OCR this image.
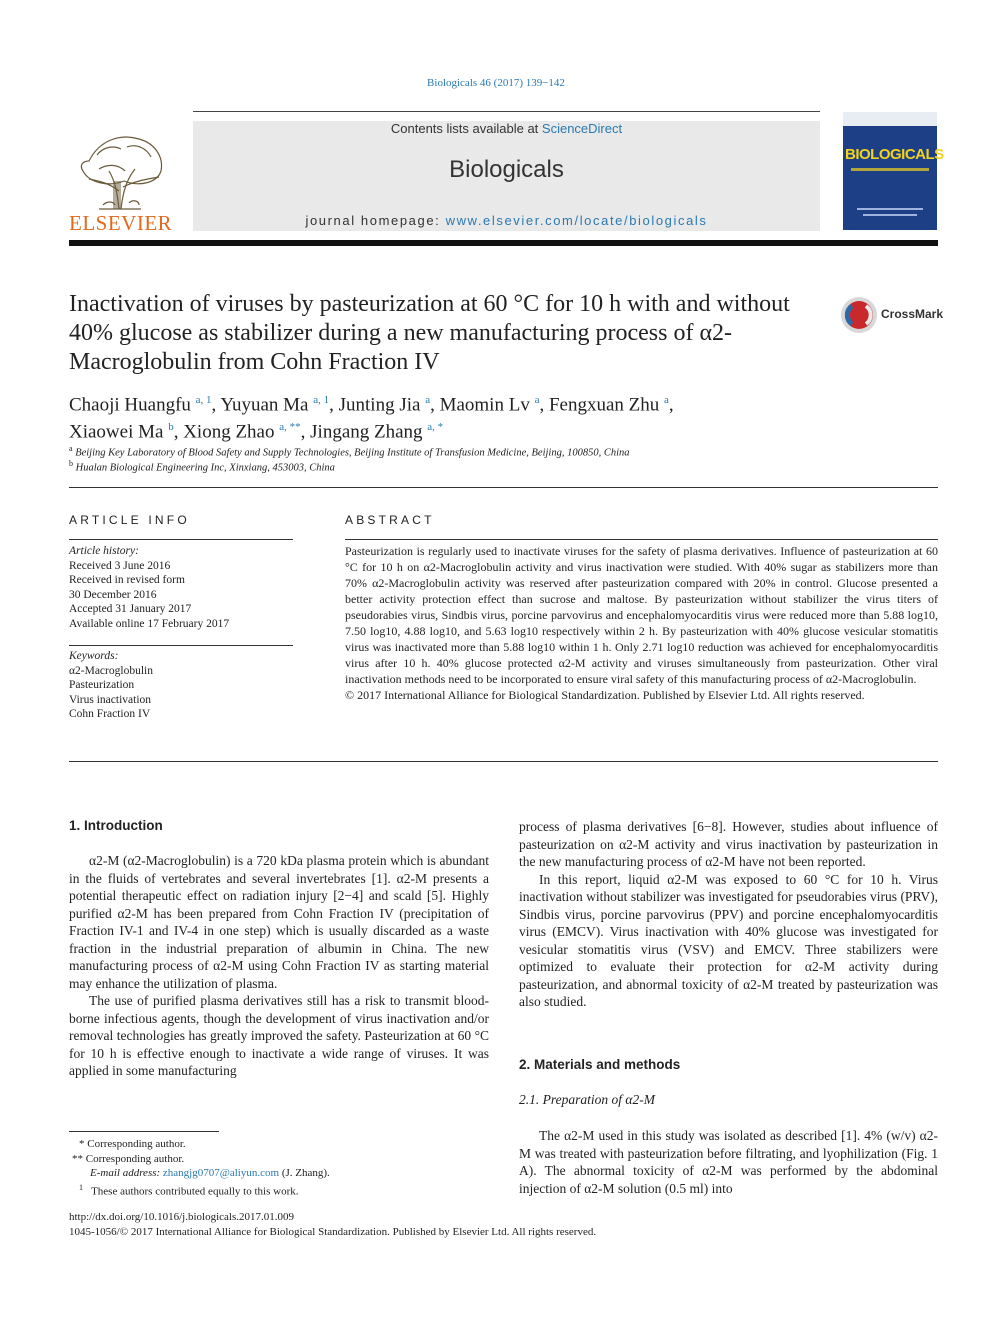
Biologicals 46 (2017) 139−142
ELSEVIER
Contents lists available at ScienceDirect
Biologicals
journal homepage: www.elsevier.com/locate/biologicals
BIOLOGICALS
Inactivation of viruses by pasteurization at 60 °C for 10 h with and without 40% glucose as stabilizer during a new manufacturing process of α2-Macroglobulin from Cohn Fraction IV
CrossMark
Chaoji Huangfu $^{a, 1}$, Yuyuan Ma $^{a, 1}$, Junting Jia $^a$, Maomin Lv $^a$, Fengxuan Zhu $^a$,
Xiaowei Ma $^b$, Xiong Zhao $^{a, **}$, Jingang Zhang $^{a, *}$
$^a$ Beijing Key Laboratory of Blood Safety and Supply Technologies, Beijing Institute of Transfusion Medicine, Beijing, 100850, China
$^b$ Hualan Biological Engineering Inc, Xinxiang, 453003, China
ARTICLE INFO
Article history:
Received 3 June 2016
Received in revised form
30 December 2016
Accepted 31 January 2017
Available online 17 February 2017
Keywords:
α2-Macroglobulin
Pasteurization
Virus inactivation
Cohn Fraction IV
ABSTRACT
Pasteurization is regularly used to inactivate viruses for the safety of plasma derivatives. Influence of pasteurization at 60 °C for 10 h on α2-Macroglobulin activity and virus inactivation were studied. With 40% sugar as stabilizers more than 70% α2-Macroglobulin activity was reserved after pasteurization compared with 20% in control. Glucose presented a better activity protection effect than sucrose and maltose. By pasteurization without stabilizer the virus titers of pseudorabies virus, Sindbis virus, porcine parvovirus and encephalomyocarditis virus were reduced more than 5.88 log10, 7.50 log10, 4.88 log10, and 5.63 log10 respectively within 2 h. By pasteurization with 40% glucose vesicular stomatitis virus was inactivated more than 5.88 log10 within 1 h. Only 2.71 log10 reduction was achieved for encephalomyocarditis virus after 10 h. 40% glucose protected α2-M activity and viruses simultaneously from pasteurization. Other viral inactivation methods need to be incorporated to ensure viral safety of this manufacturing process of α2-Macroglobulin.
© 2017 International Alliance for Biological Standardization. Published by Elsevier Ltd. All rights reserved.
1. Introduction

α2-M (α2-Macroglobulin) is a 720 kDa plasma protein which is abundant in the fluids of vertebrates and several invertebrates [1]. α2-M presents a potential therapeutic effect on radiation injury [2−4] and scald [5]. Highly purified α2-M has been prepared from Cohn Fraction IV (precipitation of Fraction IV-1 and IV-4 in one step) which is usually discarded as a waste fraction in the industrial preparation of albumin in China. The new manufacturing process of α2-M using Cohn Fraction IV as starting material may enhance the utilization of plasma.

The use of purified plasma derivatives still has a risk to transmit blood-borne infectious agents, though the development of virus inactivation and/or removal technologies has greatly improved the safety. Pasteurization at 60 °C for 10 h is effective enough to inactivate a wide range of viruses. It was applied in some manufacturing

process of plasma derivatives [6−8]. However, studies about influence of pasteurization on α2-M activity and virus inactivation by pasteurization in the new manufacturing process of α2-M have not been reported.

In this report, liquid α2-M was exposed to 60 °C for 10 h. Virus inactivation without stabilizer was investigated for pseudorabies virus (PRV), Sindbis virus, porcine parvovirus (PPV) and porcine encephalomyocarditis virus (EMCV). Virus inactivation with 40% glucose was investigated for vesicular stomatitis virus (VSV) and EMCV. Three stabilizers were optimized to evaluate their protection for α2-M activity during pasteurization, and abnormal toxicity of α2-M treated by pasteurization was also studied.

2. Materials and methods
2.1. Preparation of α2-M

The α2-M used in this study was isolated as described [1]. 4% (w/v) α2-M was treated with pasteurization before filtrating, and lyophilization (Fig. 1 A). The abnormal toxicity of α2-M was performed by the abdominal injection of α2-M solution (0.5 ml) into

* Corresponding author.
** Corresponding author.
E-mail address: zhangjg0707@aliyun.com (J. Zhang).
$^1$ These authors contributed equally to this work.
http://dx.doi.org/10.1016/j.biologicals.2017.01.009
1045-1056/© 2017 International Alliance for Biological Standardization. Published by Elsevier Ltd. All rights reserved.
